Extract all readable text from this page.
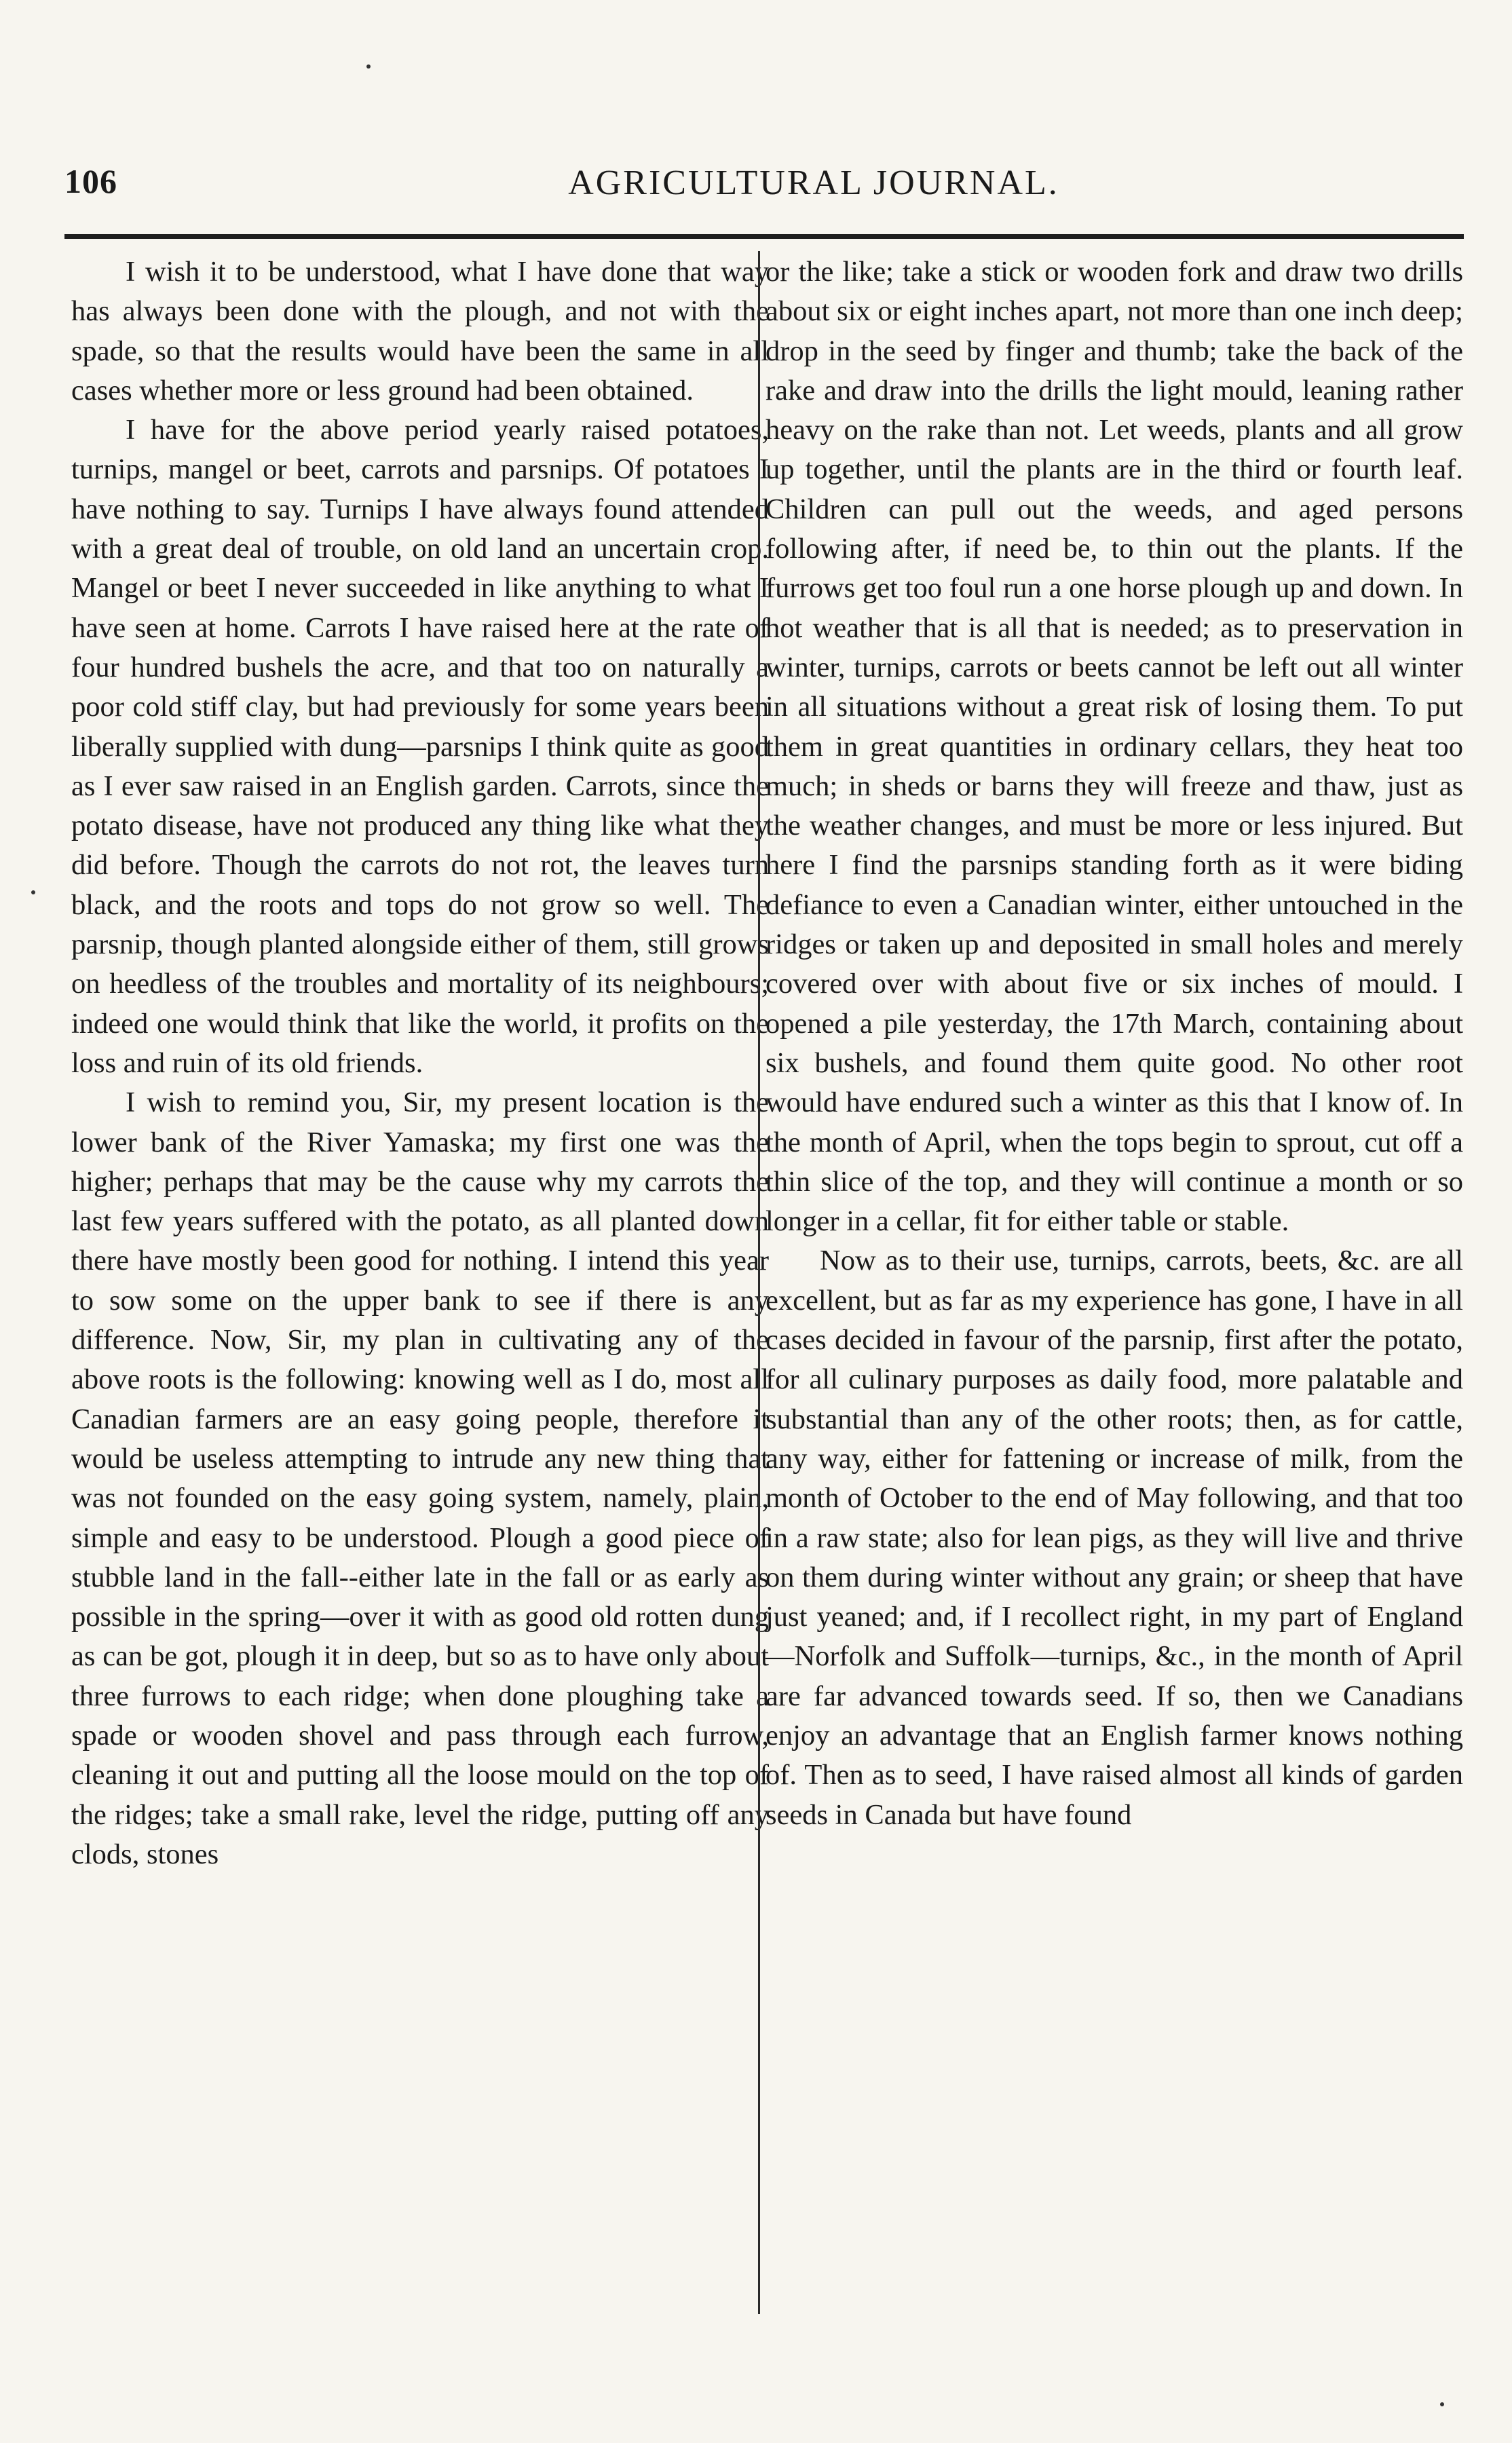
106	AGRICULTURAL JOURNAL.

I wish it to be understood, what I have done that way has always been done with the plough, and not with the spade, so that the results would have been the same in all cases whether more or less ground had been obtained.

I have for the above period yearly raised potatoes, turnips, mangel or beet, carrots and parsnips. Of potatoes I have nothing to say. Turnips I have always found attended with a great deal of trouble, on old land an uncertain crop. Mangel or beet I never succeeded in like anything to what I have seen at home. Carrots I have raised here at the rate of four hundred bushels the acre, and that too on naturally a poor cold stiff clay, but had previously for some years been liberally supplied with dung—parsnips I think quite as good as I ever saw raised in an English garden. Carrots, since the potato disease, have not produced any thing like what they did before. Though the carrots do not rot, the leaves turn black, and the roots and tops do not grow so well. The parsnip, though planted alongside either of them, still grows on heedless of the troubles and mortality of its neighbours; indeed one would think that like the world, it profits on the loss and ruin of its old friends.

I wish to remind you, Sir, my present location is the lower bank of the River Yamaska; my first one was the higher; perhaps that may be the cause why my carrots the last few years suffered with the potato, as all planted down there have mostly been good for nothing. I intend this year to sow some on the upper bank to see if there is any difference. Now, Sir, my plan in cultivating any of the above roots is the following: knowing well as I do, most all Canadian farmers are an easy going people, therefore it would be useless attempting to intrude any new thing that was not founded on the easy going system, namely, plain, simple and easy to be understood. Plough a good piece of stubble land in the fall--either late in the fall or as early as possible in the spring—over it with as good old rotten dung as can be got, plough it in deep, but so as to have only about three furrows to each ridge; when done ploughing take a spade or wooden shovel and pass through each furrow, cleaning it out and putting all the loose mould on the top of the ridges; take a small rake, level the ridge, putting off any clods, stones

or the like; take a stick or wooden fork and draw two drills about six or eight inches apart, not more than one inch deep; drop in the seed by finger and thumb; take the back of the rake and draw into the drills the light mould, leaning rather heavy on the rake than not. Let weeds, plants and all grow up together, until the plants are in the third or fourth leaf. Children can pull out the weeds, and aged persons following after, if need be, to thin out the plants. If the furrows get too foul run a one horse plough up and down. In hot weather that is all that is needed; as to preservation in winter, turnips, carrots or beets cannot be left out all winter in all situations without a great risk of losing them. To put them in great quantities in ordinary cellars, they heat too much; in sheds or barns they will freeze and thaw, just as the weather changes, and must be more or less injured. But here I find the parsnips standing forth as it were biding defiance to even a Canadian winter, either untouched in the ridges or taken up and deposited in small holes and merely covered over with about five or six inches of mould. I opened a pile yesterday, the 17th March, containing about six bushels, and found them quite good. No other root would have endured such a winter as this that I know of. In the month of April, when the tops begin to sprout, cut off a thin slice of the top, and they will continue a month or so longer in a cellar, fit for either table or stable.

Now as to their use, turnips, carrots, beets, &c. are all excellent, but as far as my experience has gone, I have in all cases decided in favour of the parsnip, first after the potato, for all culinary purposes as daily food, more palatable and substantial than any of the other roots; then, as for cattle, any way, either for fattening or increase of milk, from the month of October to the end of May following, and that too in a raw state; also for lean pigs, as they will live and thrive on them during winter without any grain; or sheep that have just yeaned; and, if I recollect right, in my part of England—Norfolk and Suffolk—turnips, &c., in the month of April are far advanced towards seed. If so, then we Canadians enjoy an advantage that an English farmer knows nothing of. Then as to seed, I have raised almost all kinds of garden seeds in Canada but have found
